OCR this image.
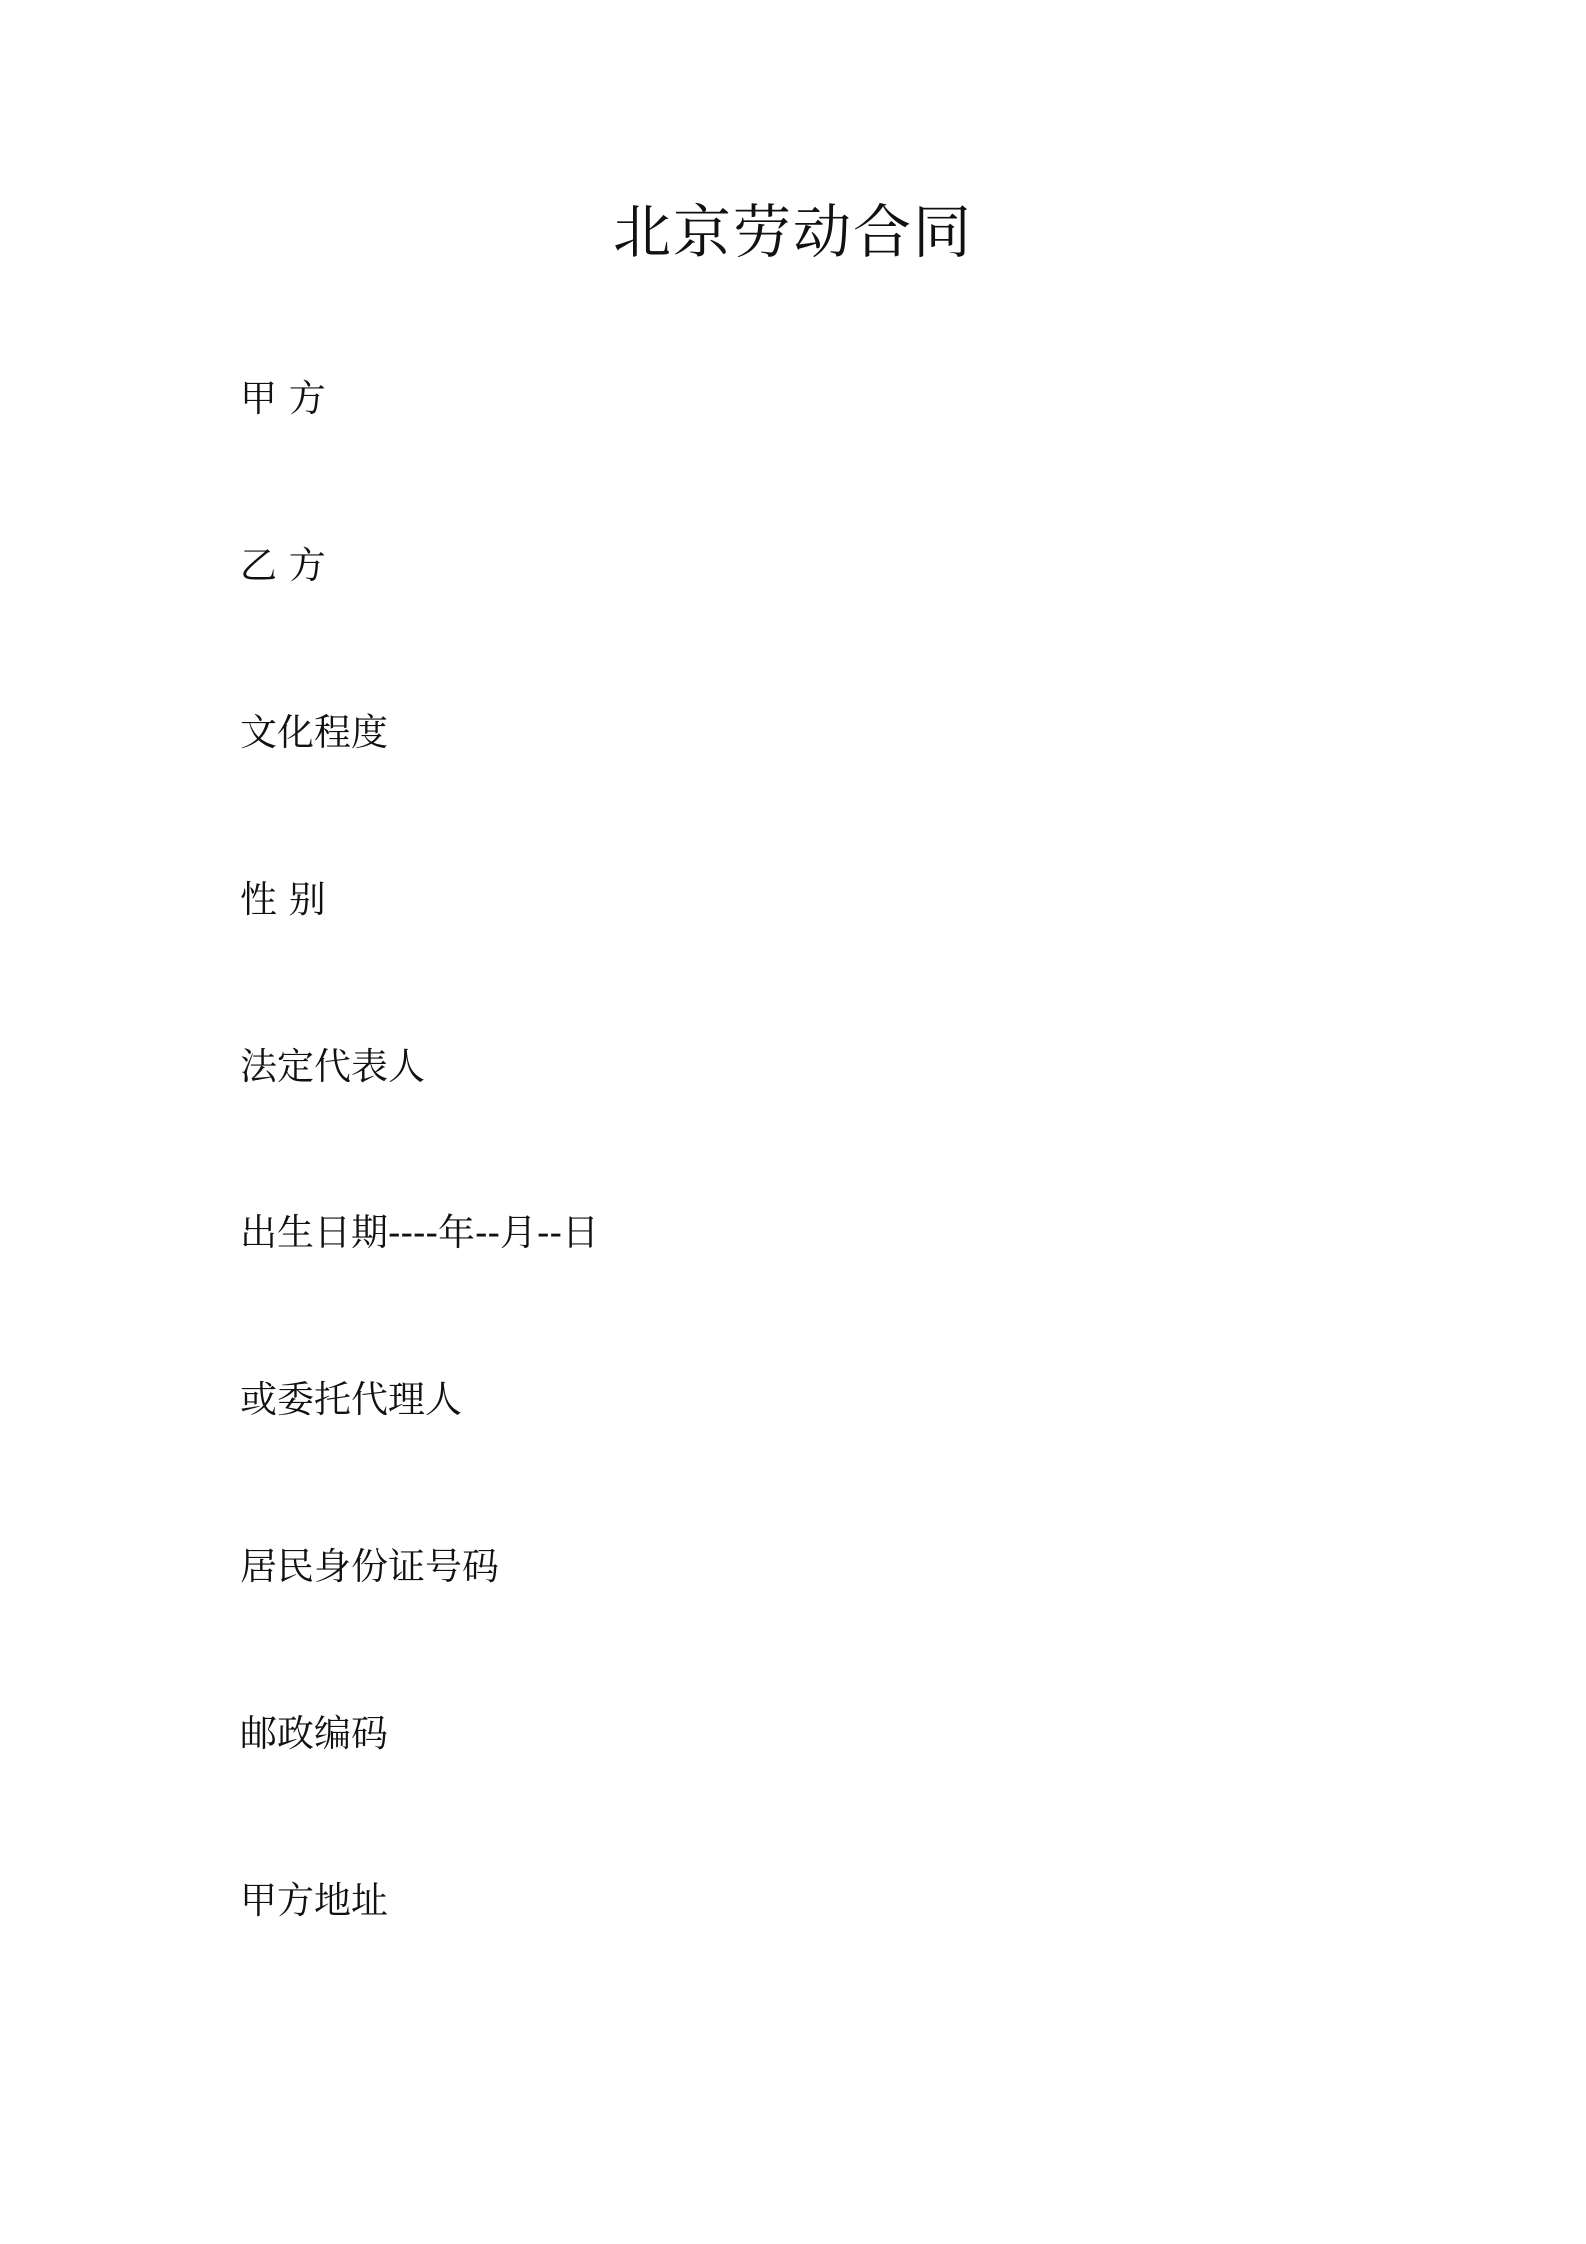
北京劳动合同

甲 方

乙 方

文化程度

性 别

法定代表人

出生日期----年--月--日

或委托代理人

居民身份证号码

邮政编码

甲方地址
